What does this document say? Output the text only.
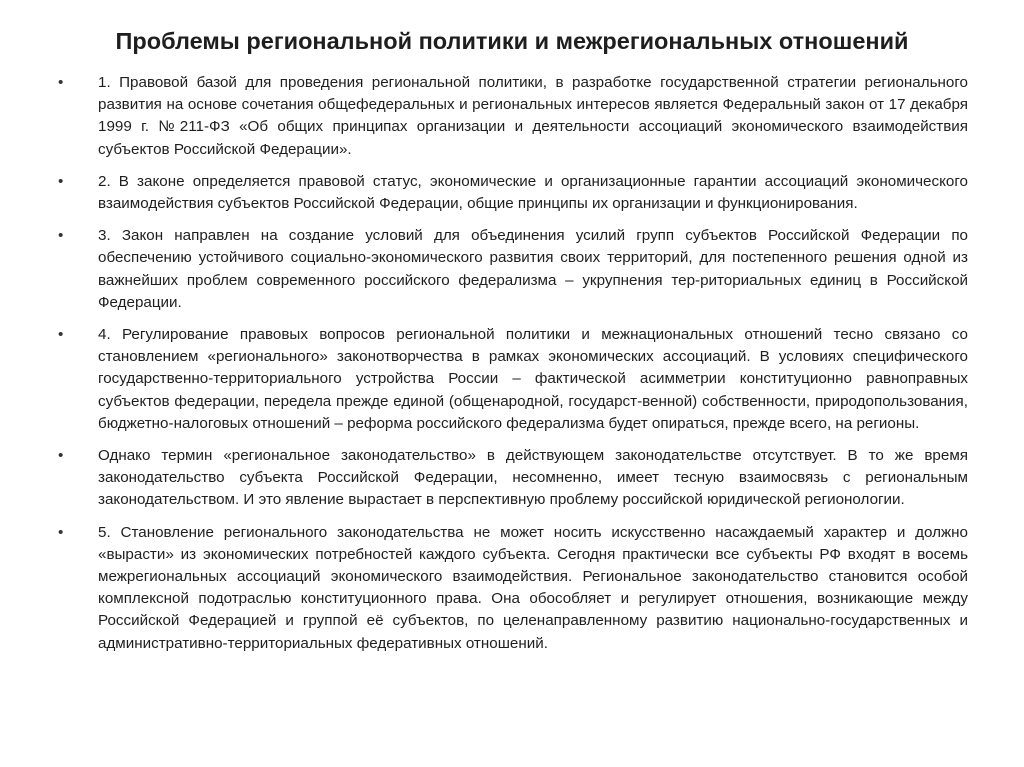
Проблемы региональной политики и межрегиональных отношений
•	1. Правовой базой для проведения региональной политики, в разработке государственной стратегии регионального развития на основе сочетания общефедеральных и региональных интересов является Федеральный закон от 17 декабря 1999 г. №211-ФЗ «Об общих принципах организации и деятельности ассоциаций экономического взаимодействия субъектов Российской Федерации».
•	2. В законе определяется правовой статус, экономические и организационные гарантии ассоциаций экономического взаимодействия субъектов Российской Федерации, общие принципы их организации и функционирования.
•	3. Закон направлен на создание условий для объединения усилий групп субъектов Российской Федерации по обеспечению устойчивого социально-экономического развития своих территорий, для постепенного решения одной из важнейших проблем современного российского федерализма – укрупнения тер-риториальных единиц в Российской Федерации.
•	4. Регулирование правовых вопросов региональной политики и межнациональных отношений тесно связано со становлением «регионального» законотворчества в рамках экономических ассоциаций. В условиях специфического государственно-территориального устройства России – фактической асимметрии конституционно равноправных субъектов федерации, передела прежде единой (общенародной, государст-венной) собственности, природопользования, бюджетно-налоговых отношений – реформа российского федерализма будет опираться, прежде всего, на регионы.
•	Однако термин «региональное законодательство» в действующем законодательстве отсутствует. В то же время законодательство субъекта Российской Федерации, несомненно, имеет тесную взаимосвязь с региональным законодательством. И это явление вырастает в перспективную проблему российской юридической регионологии.
•	5. Становление регионального законодательства не может носить искусственно насаждаемый характер и должно «вырасти» из экономических потребностей каждого субъекта. Сегодня практически все субъекты РФ входят в восемь межрегиональных ассоциаций экономического взаимодействия. Региональное законодательство становится особой комплексной подотраслью конституционного права. Она обособляет и регулирует отношения, возникающие между Российской Федерацией и группой её субъектов, по целенаправленному развитию национально-государственных и административно-территориальных федеративных отношений.
